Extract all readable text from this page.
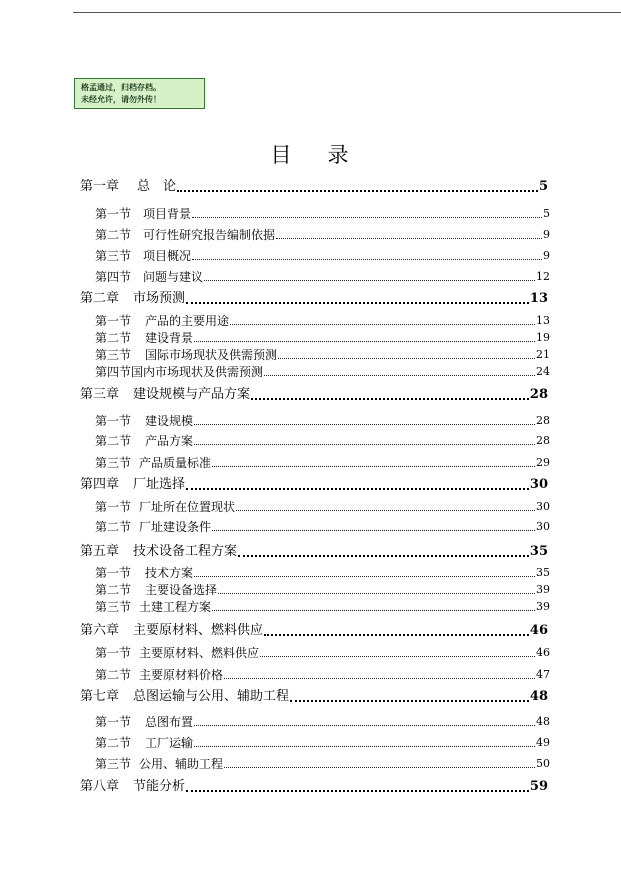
格孟通过，归档存档。
未经允许，请勿外传！
目 录
第一章 总　论	5
第一节 项目背景	5
第二节 可行性研究报告编制依据	9
第三节 项目概况	9
第四节 问题与建议	12
第二章 市场预测	13
第一节 产品的主要用途	13
第二节 建设背景	19
第三节 国际市场现状及供需预测	21
第四节国内市场现状及供需预测	24
第三章 建设规模与产品方案	28
第一节 建设规模	28
第二节 产品方案	28
第三节 产品质量标准	29
第四章 厂址选择	30
第一节 厂址所在位置现状	30
第二节 厂址建设条件	30
第五章 技术设备工程方案	35
第一节 技术方案	35
第二节 主要设备选择	39
第三节 土建工程方案	39
第六章 主要原材料、燃料供应	46
第一节 主要原材料、燃料供应	46
第二节 主要原材料价格	47
第七章 总图运输与公用、辅助工程	48
第一节 总图布置	48
第二节 工厂运输	49
第三节 公用、辅助工程	50
第八章 节能分析	59
